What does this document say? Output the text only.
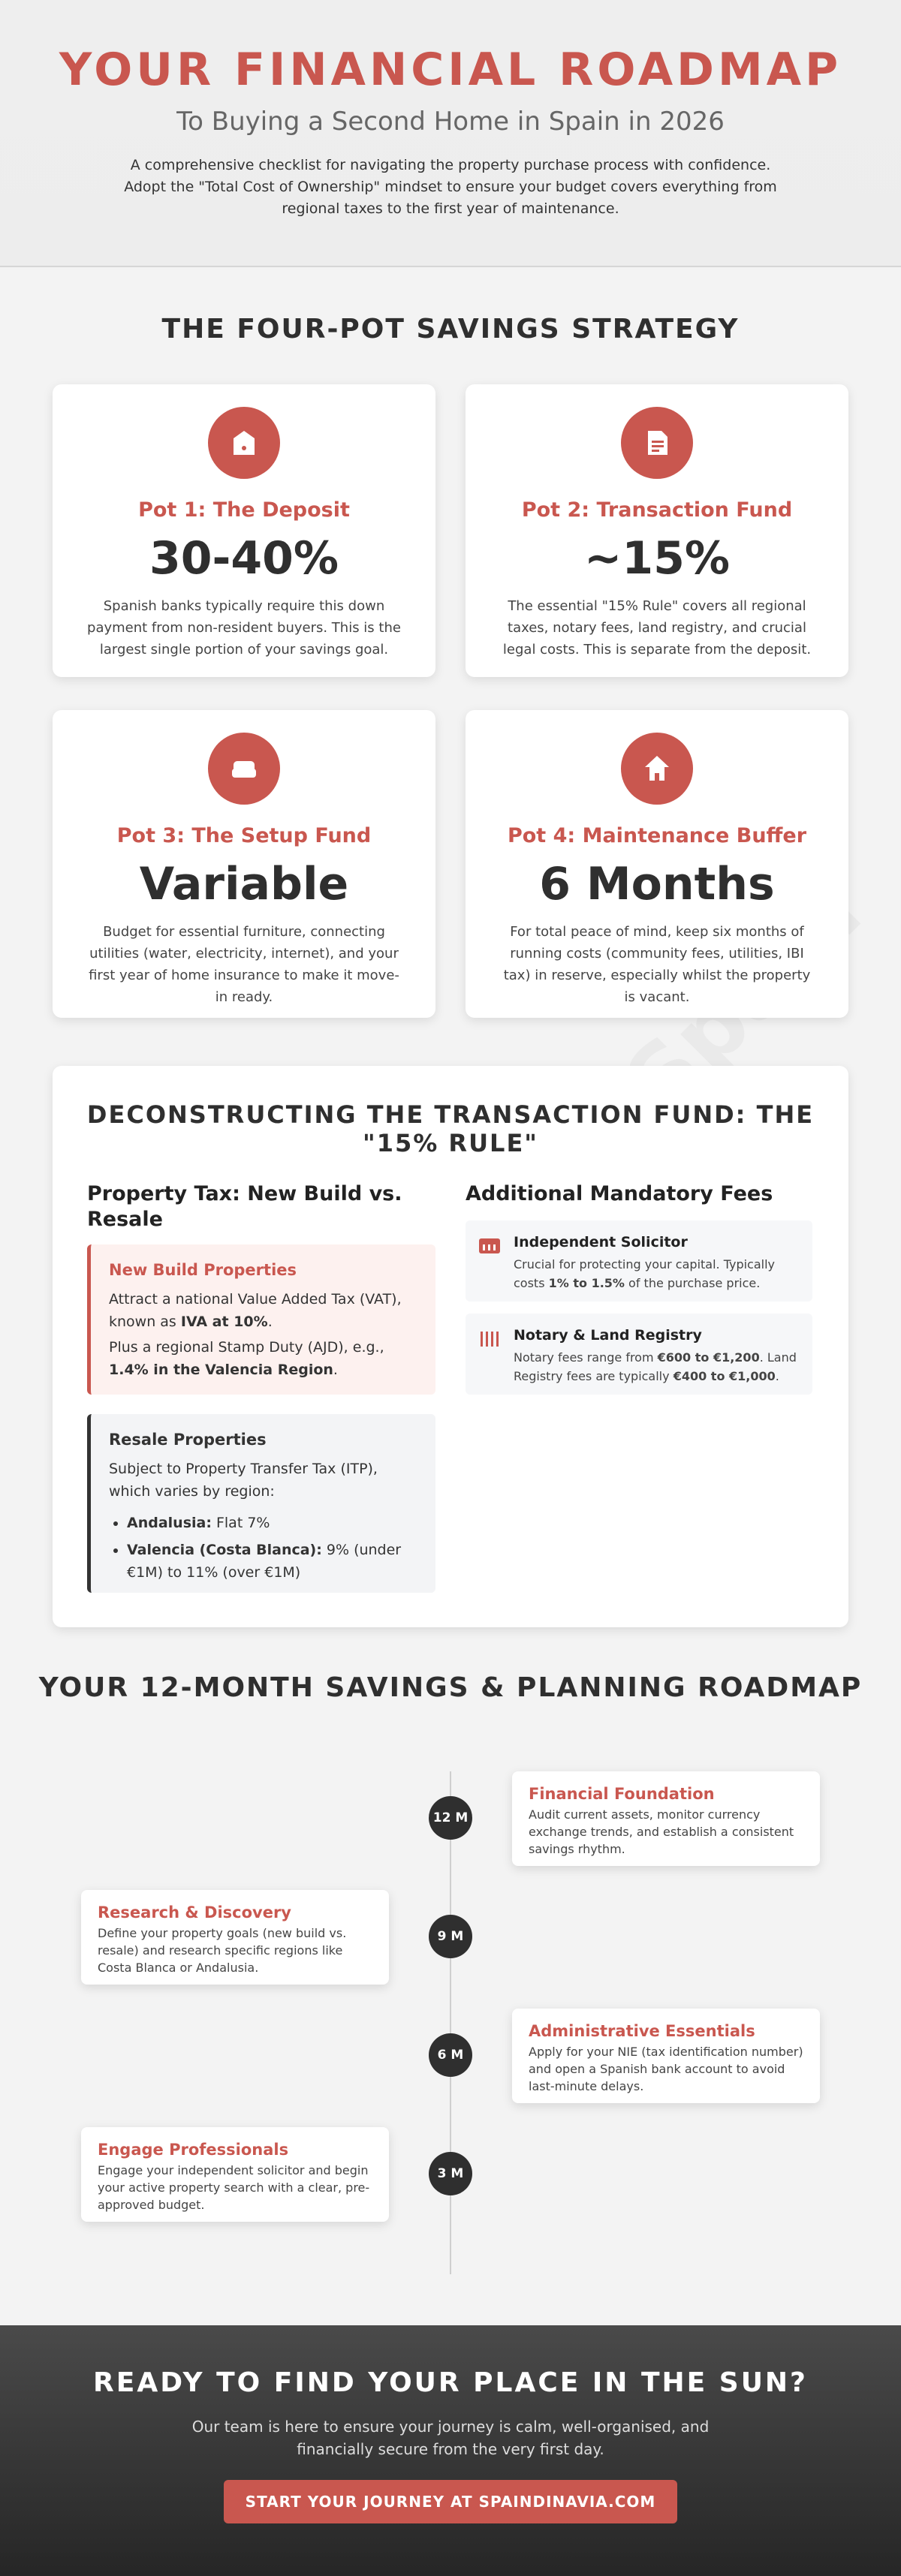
YOUR FINANCIAL ROADMAP
To Buying a Second Home in Spain in 2026
A comprehensive checklist for navigating the property purchase process with confidence. Adopt the "Total Cost of Ownership" mindset to ensure your budget covers everything from regional taxes to the first year of maintenance.
THE FOUR-POT SAVINGS STRATEGY
Pot 1: The Deposit
30-40%
Spanish banks typically require this down payment from non-resident buyers. This is the largest single portion of your savings goal.
Pot 2: Transaction Fund
~15%
The essential "15% Rule" covers all regional taxes, notary fees, land registry, and crucial legal costs. This is separate from the deposit.
Pot 3: The Setup Fund
Variable
Budget for essential furniture, connecting utilities (water, electricity, internet), and your first year of home insurance to make it move-in ready.
Pot 4: Maintenance Buffer
6 Months
For total peace of mind, keep six months of running costs (community fees, utilities, IBI tax) in reserve, especially whilst the property is vacant.
DECONSTRUCTING THE TRANSACTION FUND: THE "15% RULE"
Property Tax: New Build vs. Resale
Additional Mandatory Fees
New Build Properties
Attract a national Value Added Tax (VAT), known as IVA at 10%.
Plus a regional Stamp Duty (AJD), e.g., 1.4% in the Valencia Region.
Resale Properties
Subject to Property Transfer Tax (ITP), which varies by region:
• Andalusia: Flat 7%
• Valencia (Costa Blanca): 9% (under €1M) to 11% (over €1M)
Independent Solicitor
Crucial for protecting your capital. Typically costs 1% to 1.5% of the purchase price.
Notary & Land Registry
Notary fees range from €600 to €1,200. Land Registry fees are typically €400 to €1,000.
YOUR 12-MONTH SAVINGS & PLANNING ROADMAP
12 M
Financial Foundation
Audit current assets, monitor currency exchange trends, and establish a consistent savings rhythm.
9 M
Research & Discovery
Define your property goals (new build vs. resale) and research specific regions like Costa Blanca or Andalusia.
6 M
Administrative Essentials
Apply for your NIE (tax identification number) and open a Spanish bank account to avoid last-minute delays.
3 M
Engage Professionals
Engage your independent solicitor and begin your active property search with a clear, pre-approved budget.
READY TO FIND YOUR PLACE IN THE SUN?
Our team is here to ensure your journey is calm, well-organised, and financially secure from the very first day.
START YOUR JOURNEY AT SPAINDINAVIA.COM
